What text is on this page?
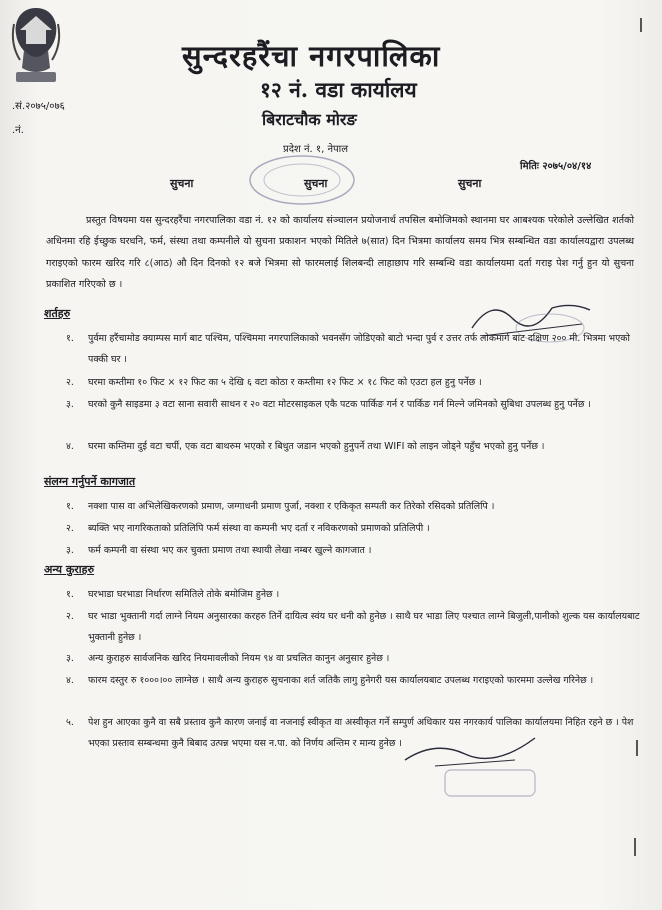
.सं.२०७५/०७६
.नं.
सुन्दरहरैंचा नगरपालिका
१२ नं. वडा कार्यालय
बिराटचौक मोरङ
प्रदेश नं. १, नेपाल
मितिः २०७५/०४/१४
सुचना	सुचना	सुचना
प्रस्तुत विषयमा यस सुन्दरहरैंचा नगरपालिका वडा नं. १२ को कार्यालय संञ्चालन प्रयोजनार्थ तपसिल बमोजिमको स्थानमा घर आबश्यक परेकोले उल्लेखित शर्तको अधिनमा रहि ईच्छुक घरधनि, फर्म, संस्था तथा कम्पनीले यो सुचना प्रकाशन भएको मितिले ७(सात) दिन भित्रमा कार्यालय समय भित्र सम्बन्धित वडा कार्यालयद्वारा उपलब्ध गराइएको फारम खरिद गरि ८(आठ) औ दिन दिनको १२ बजे भित्रमा सो फारमलाई शिलबन्दी लाहाछाप गरि सम्बन्धि वडा कार्यालयमा दर्ता गराइ पेश गर्नु हुन यो सुचना प्रकाशित गरिएको छ ।
शर्तहरु
१.	पुर्वमा हरैंचामोड क्याम्पस मार्ग बाट पश्चिम, पश्चिममा नगरपालिकाको भवनसँग जोडिएको बाटो भन्दा पुर्व र उत्तर तर्फ लोकमार्ग बाट दक्षिण २०० मी. भित्रमा भएको पक्की घर ।
२.	घरमा कम्तीमा १० फिट × १२ फिट का ५ देखि ६ वटा कोठा र कम्तीमा १२ फिट × १८ फिट को एउटा हल हुनु पर्नेछ ।
३.	घरको कुनै साइडमा ३ वटा साना सवारी साधन र २० वटा मोटरसाइकल एकै पटक पार्किङ गर्न र पार्किङ गर्न मिल्ने जमिनको सुबिधा उपलब्ध हुनु पर्नेछ ।
४.	घरमा कम्तिमा दुई वटा चर्पी, एक वटा बाथरुम भएको र बिधुत जडान भएको हुनुपर्ने तथा WIFI को लाइन जोड्ने पहुँच भएको हुनु पर्नेछ ।
संलग्न गर्नुपर्ने कागजात
१.	नक्शा पास वा अभिलेखिकरणको प्रमाण, जग्गाधनी प्रमाण पुर्जा, नक्शा र एकिकृत सम्पती कर तिरेको रसिदको प्रतिलिपि ।
२.	ब्यक्ति भए नागरिकताको प्रतिलिपि फर्म संस्था वा कम्पनी भए दर्ता र नविकरणको प्रमाणको प्रतिलिपी ।
३.	फर्म कम्पनी वा संस्था भए कर चुक्ता प्रमाण तथा स्थायी लेखा नम्बर खुल्ने कागजात ।
अन्य कुराहरु
१.	घरभाडा घरभाडा निर्धारण समितिले तोके बमोजिम हुनेछ ।
२.	घर भाडा भुक्तानी गर्दा लाग्ने नियम अनुसारका करहरु तिर्ने दायित्व स्वंय घर धनी को हुनेछ । साथै घर भाडा लिए पश्चात लाग्ने बिजुली,पानीको शुल्क यस कार्यालयबाट भुक्तानी हुनेछ ।
३.	अन्य कुराहरु सार्वजनिक खरिद नियमावलीको नियम ९४ वा प्रचलित कानुन अनुसार हुनेछ ।
४.	फारम दस्तुर रु १०००।०० लाग्नेछ । साथै अन्य कुराहरु सुचनाका शर्त जतिकै लागु हुनेगरी यस कार्यालयबाट उपलब्ध गराइएको फारममा उल्लेख गरिनेछ ।
५.	पेश हुन आएका कुनै वा सबै प्रस्ताव कुनै कारण जनाई वा नजनाई स्वीकृत वा अस्वीकृत गर्ने सम्पुर्ण अधिकार यस नगरकार्य पालिका कार्यालयमा निहित रहने छ । पेश भएका प्रस्ताव सम्बन्धमा कुनै बिबाद उत्पन्न भएमा यस न.पा. को निर्णय अन्तिम र मान्य हुनेछ ।
